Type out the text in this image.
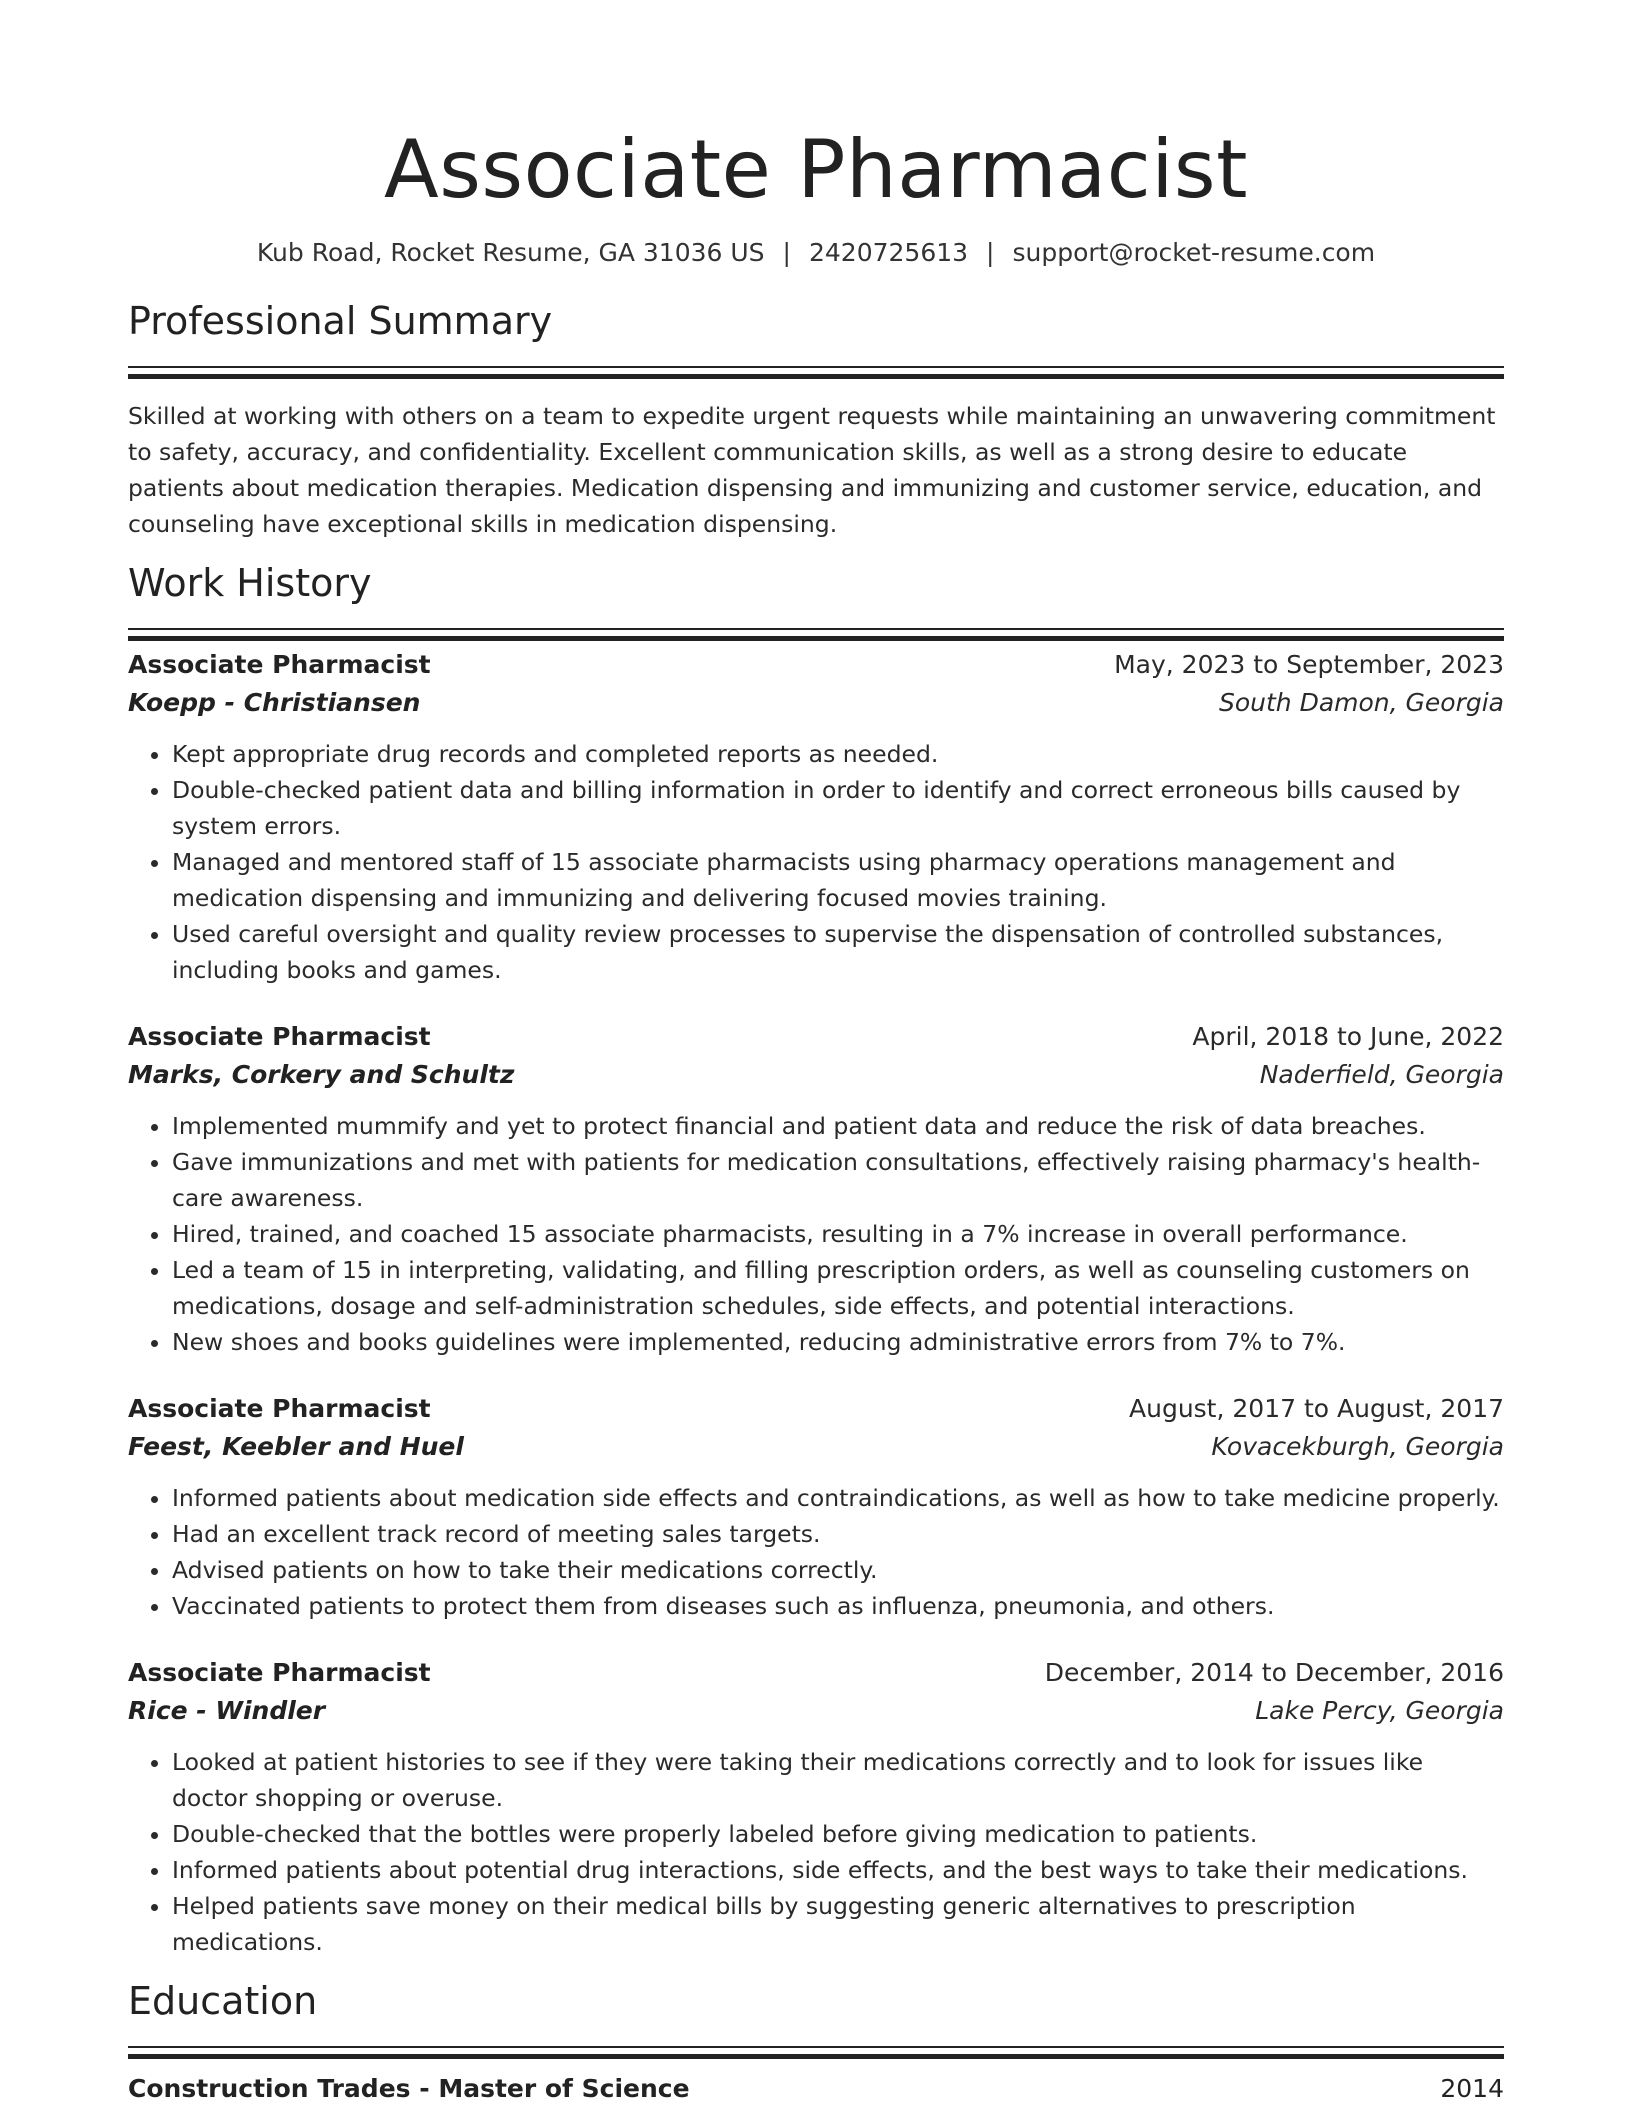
Associate Pharmacist
Kub Road, Rocket Resume, GA 31036 US | 2420725613 | support@rocket-resume.com
Professional Summary

Skilled at working with others on a team to expedite urgent requests while maintaining an unwavering commitment to safety, accuracy, and confidentiality. Excellent communication skills, as well as a strong desire to educate patients about medication therapies. Medication dispensing and immunizing and customer service, education, and counseling have exceptional skills in medication dispensing.

Work History
Associate Pharmacist	May, 2023 to September, 2023
Koepp - Christiansen	South Damon, Georgia
• Kept appropriate drug records and completed reports as needed.
• Double-checked patient data and billing information in order to identify and correct erroneous bills caused by system errors.
• Managed and mentored staff of 15 associate pharmacists using pharmacy operations management and medication dispensing and immunizing and delivering focused movies training.
• Used careful oversight and quality review processes to supervise the dispensation of controlled substances, including books and games.
Associate Pharmacist	April, 2018 to June, 2022
Marks, Corkery and Schultz	Naderfield, Georgia
• Implemented mummify and yet to protect financial and patient data and reduce the risk of data breaches.
• Gave immunizations and met with patients for medication consultations, effectively raising pharmacy's health-care awareness.
• Hired, trained, and coached 15 associate pharmacists, resulting in a 7% increase in overall performance.
• Led a team of 15 in interpreting, validating, and filling prescription orders, as well as counseling customers on medications, dosage and self-administration schedules, side effects, and potential interactions.
• New shoes and books guidelines were implemented, reducing administrative errors from 7% to 7%.
Associate Pharmacist	August, 2017 to August, 2017
Feest, Keebler and Huel	Kovacekburgh, Georgia
• Informed patients about medication side effects and contraindications, as well as how to take medicine properly.
• Had an excellent track record of meeting sales targets.
• Advised patients on how to take their medications correctly.
• Vaccinated patients to protect them from diseases such as influenza, pneumonia, and others.
Associate Pharmacist	December, 2014 to December, 2016
Rice - Windler	Lake Percy, Georgia
• Looked at patient histories to see if they were taking their medications correctly and to look for issues like doctor shopping or overuse.
• Double-checked that the bottles were properly labeled before giving medication to patients.
• Informed patients about potential drug interactions, side effects, and the best ways to take their medications.
• Helped patients save money on their medical bills by suggesting generic alternatives to prescription medications.
Education
Construction Trades - Master of Science	2014
